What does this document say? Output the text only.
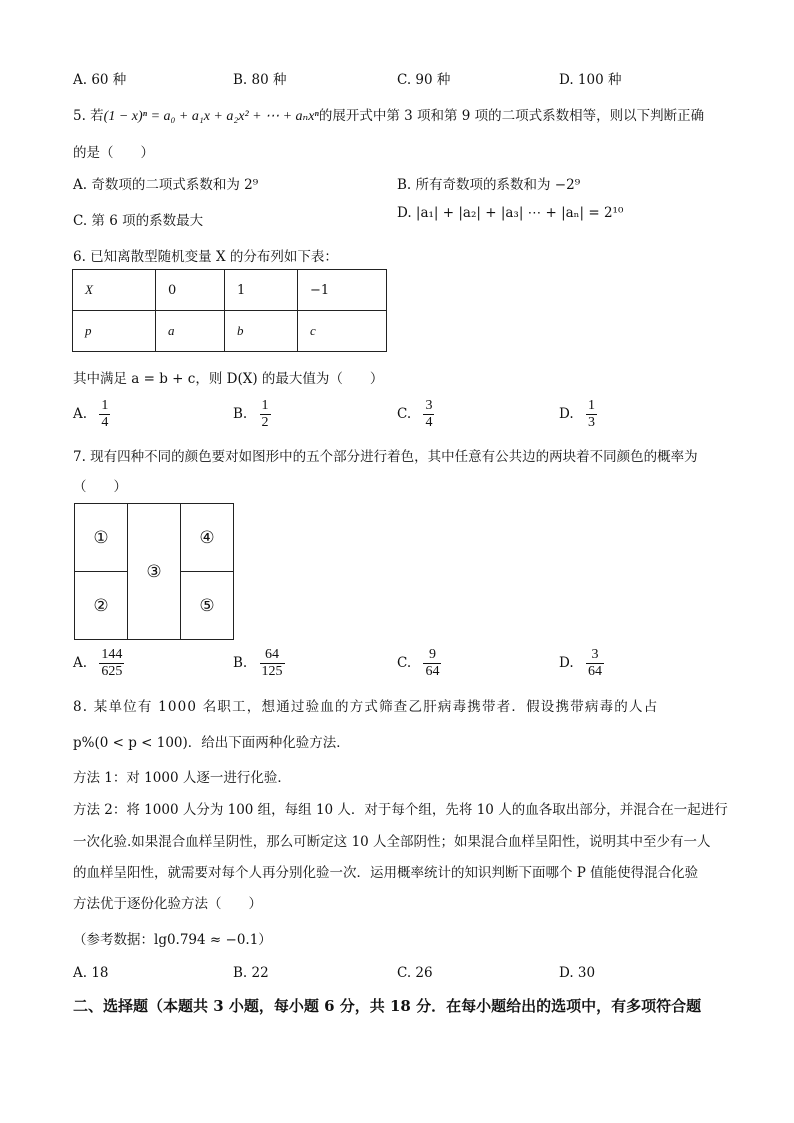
A. 60 种	B. 80 种	C. 90 种	D. 100 种
5. 若(1 − x)ⁿ = a₀ + a₁x + a₂x² + ⋯ + aₙxⁿ的展开式中第 3 项和第 9 项的二项式系数相等，则以下判断正确
的是（　　）
A. 奇数项的二项式系数和为 2⁹	B. 所有奇数项的系数和为 −2⁹
C. 第 6 项的系数最大	D. |a₁| + |a₂| + |a₃| ⋯ + |aₙ| = 2¹⁰
6. 已知离散型随机变量 X 的分布列如下表：
X	0	1	−1
p	a	b	c
其中满足 a = b + c，则 D(X) 的最大值为（　　）
A. $\frac{1}{4}$	B. $\frac{1}{2}$	C. $\frac{3}{4}$	D. $\frac{1}{3}$
7. 现有四种不同的颜色要对如图形中的五个部分进行着色，其中任意有公共边的两块着不同颜色的概率为
（　　）
①
②
③
④
⑤
A. $\frac{144}{625}$	B. $\frac{64}{125}$	C. $\frac{9}{64}$	D. $\frac{3}{64}$
8. 某单位有 1000 名职工，想通过验血的方式筛查乙肝病毒携带者．假设携带病毒的人占
p%(0 < p < 100)．给出下面两种化验方法．
方法 1：对 1000 人逐一进行化验．
方法 2：将 1000 人分为 100 组，每组 10 人．对于每个组，先将 10 人的血各取出部分，并混合在一起进行
一次化验.如果混合血样呈阴性，那么可断定这 10 人全部阴性；如果混合血样呈阳性，说明其中至少有一人
的血样呈阳性，就需要对每个人再分别化验一次．运用概率统计的知识判断下面哪个 P 值能使得混合化验
方法优于逐份化验方法（　　）
（参考数据：lg0.794 ≈ −0.1）
A. 18	B. 22	C. 26	D. 30
二、选择题（本题共 3 小题，每小题 6 分，共 18 分．在每小题给出的选项中，有多项符合题
